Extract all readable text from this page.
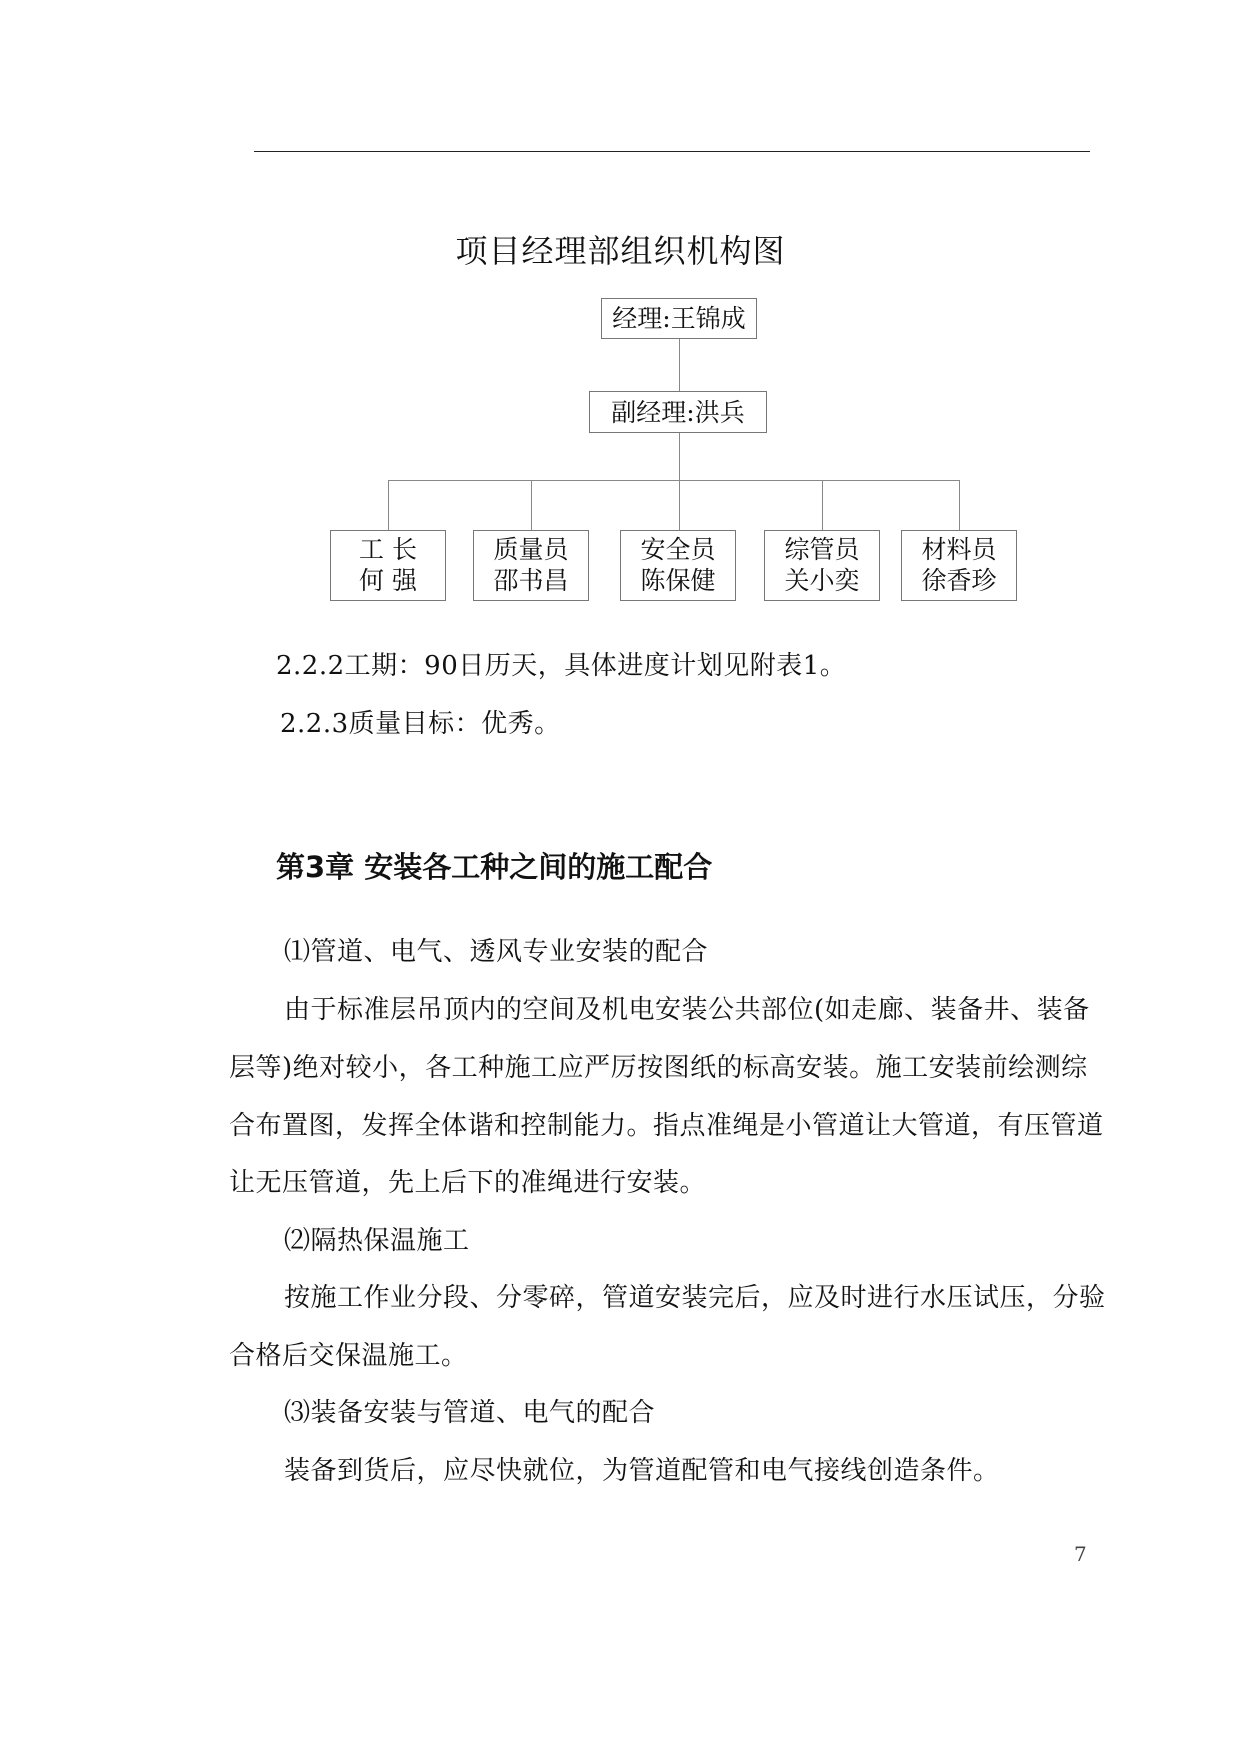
项目经理部组织机构图
经理:王锦成
副经理:洪兵
工 长
何 强
质量员
邵书昌
安全员
陈保健
综管员
关小奕
材料员
徐香珍
2.2.2工期：90日历天，具体进度计划见附表1。
2.2.3质量目标：优秀。
第3章 安装各工种之间的施工配合
⑴管道、电气、透风专业安装的配合
由于标准层吊顶内的空间及机电安装公共部位(如走廊、装备井、装备
层等)绝对较小，各工种施工应严厉按图纸的标高安装。施工安装前绘测综
合布置图，发挥全体谐和控制能力。指点准绳是小管道让大管道，有压管道
让无压管道，先上后下的准绳进行安装。
⑵隔热保温施工
按施工作业分段、分零碎，管道安装完后，应及时进行水压试压，分验
合格后交保温施工。
⑶装备安装与管道、电气的配合
装备到货后，应尽快就位，为管道配管和电气接线创造条件。
7
